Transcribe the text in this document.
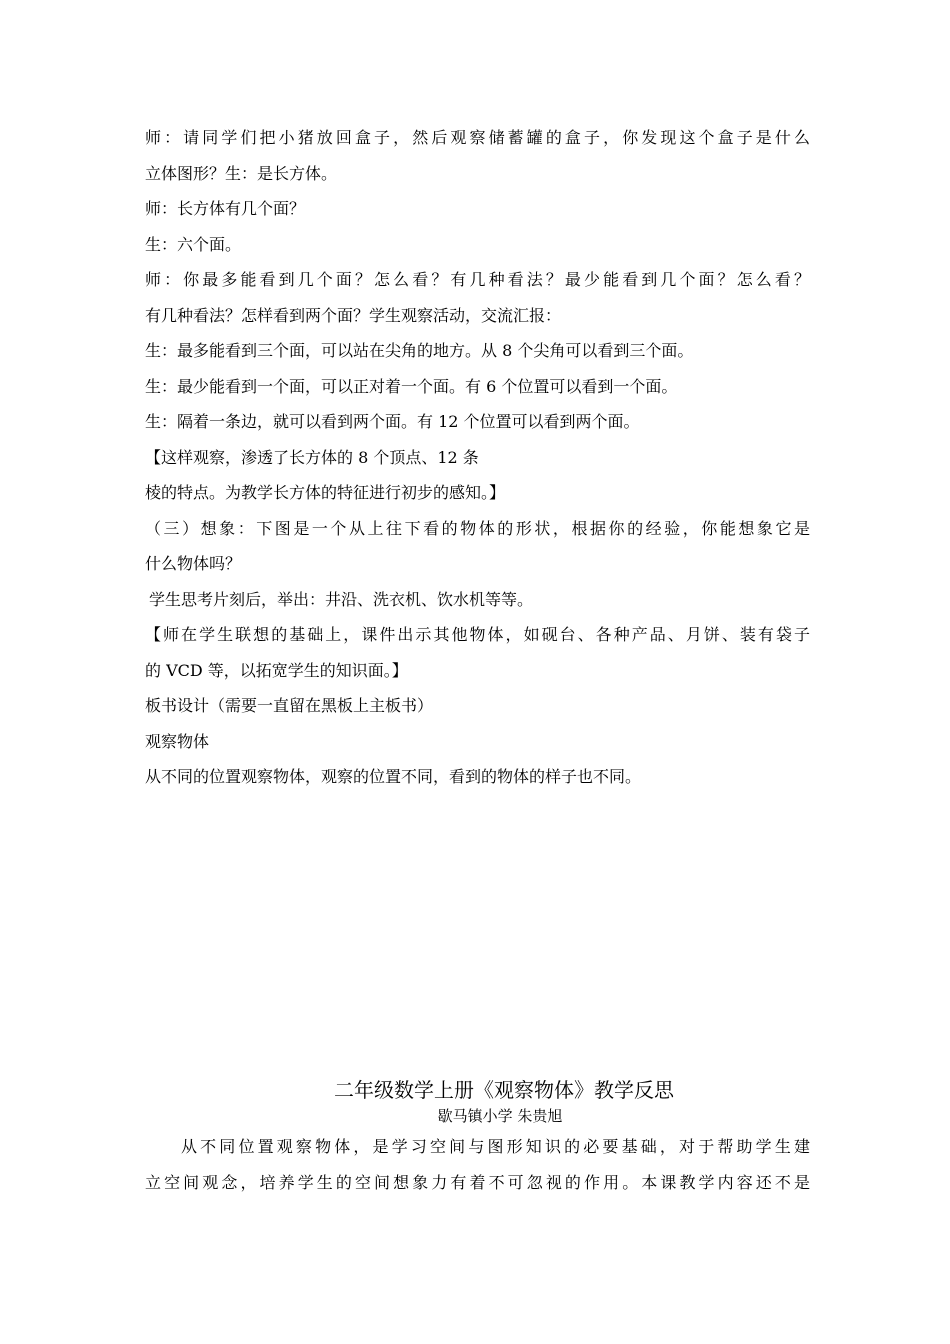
师：请同学们把小猪放回盒子，然后观察储蓄罐的盒子，你发现这个盒子是什么
立体图形？生：是长方体。
师：长方体有几个面？
生：六个面。
师：你最多能看到几个面？怎么看？有几种看法？最少能看到几个面？怎么看？
有几种看法？怎样看到两个面？学生观察活动，交流汇报：
生：最多能看到三个面，可以站在尖角的地方。从 8 个尖角可以看到三个面。
生：最少能看到一个面，可以正对着一个面。有 6 个位置可以看到一个面。
生：隔着一条边，就可以看到两个面。有 12 个位置可以看到两个面。
【这样观察，渗透了长方体的 8 个顶点、12 条
棱的特点。为教学长方体的特征进行初步的感知。】
（三）想象：下图是一个从上往下看的物体的形状，根据你的经验，你能想象它是
什么物体吗？
学生思考片刻后，举出：井沿、洗衣机、饮水机等等。
【师在学生联想的基础上，课件出示其他物体，如砚台、各种产品、月饼、装有袋子
的 VCD 等，以拓宽学生的知识面。】
板书设计（需要一直留在黑板上主板书）
观察物体
从不同的位置观察物体，观察的位置不同，看到的物体的样子也不同。
二年级数学上册《观察物体》教学反思
歇马镇小学 朱贵旭
从不同位置观察物体，是学习空间与图形知识的必要基础，对于帮助学生建
立空间观念，培养学生的空间想象力有着不可忽视的作用。本课教学内容还不是
